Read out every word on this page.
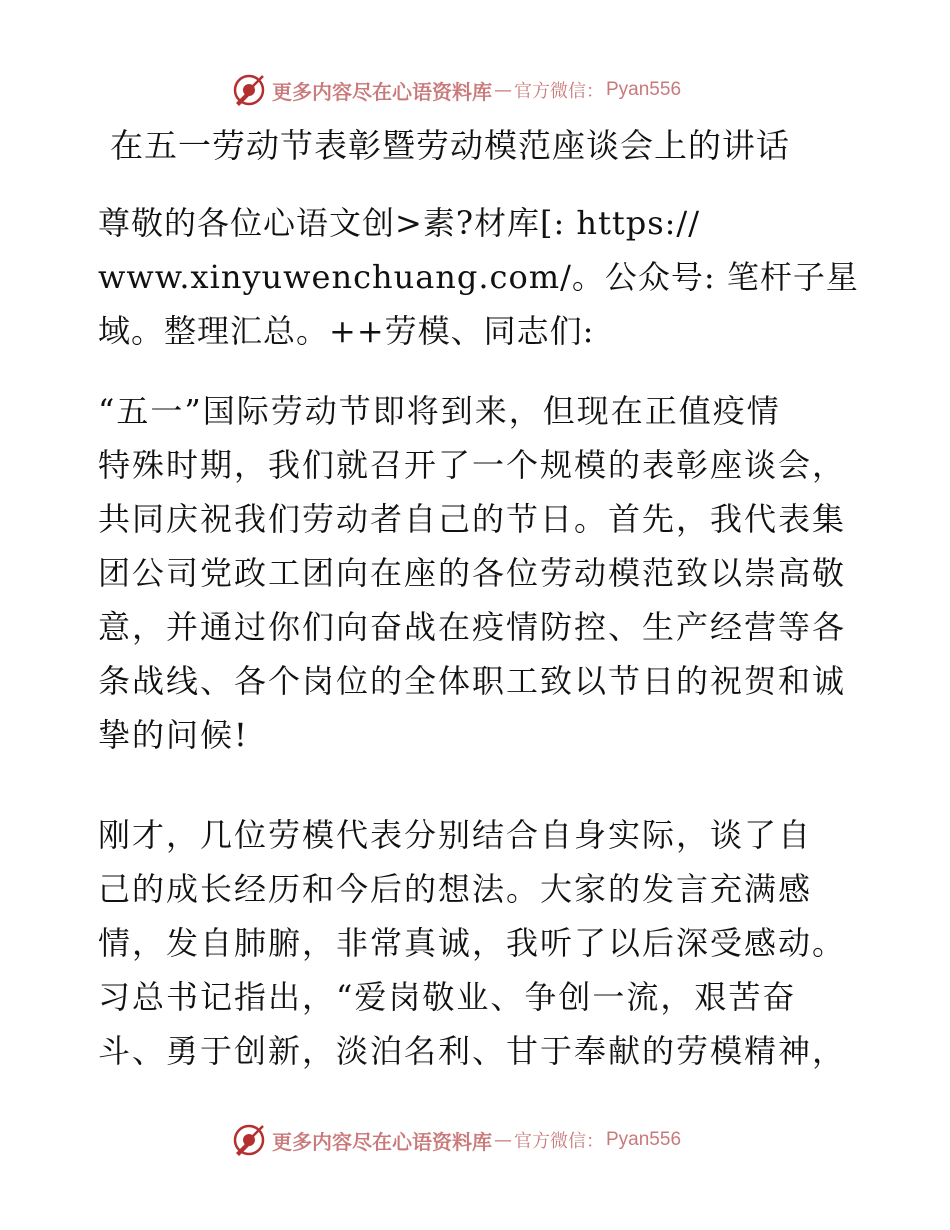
更多内容尽在心语资料库 — 官方微信： Pyan556
在五一劳动节表彰暨劳动模范座谈会上的讲话
尊敬的各位心语文创>素?材库[: https://
www.xinyuwenchuang.com/。公众号: 笔杆子星
域。整理汇总。++劳模、同志们:
“五一”国际劳动节即将到来，但现在正值疫情
特殊时期，我们就召开了一个规模的表彰座谈会，
共同庆祝我们劳动者自己的节日。首先，我代表集
团公司党政工团向在座的各位劳动模范致以崇高敬
意，并通过你们向奋战在疫情防控、生产经营等各
条战线、各个岗位的全体职工致以节日的祝贺和诚
挚的问候!
刚才，几位劳模代表分别结合自身实际，谈了自
己的成长经历和今后的想法。大家的发言充满感
情，发自肺腑，非常真诚，我听了以后深受感动。
习总书记指出，“爱岗敬业、争创一流，艰苦奋
斗、勇于创新，淡泊名利、甘于奉献的劳模精神，
更多内容尽在心语资料库 — 官方微信： Pyan556
